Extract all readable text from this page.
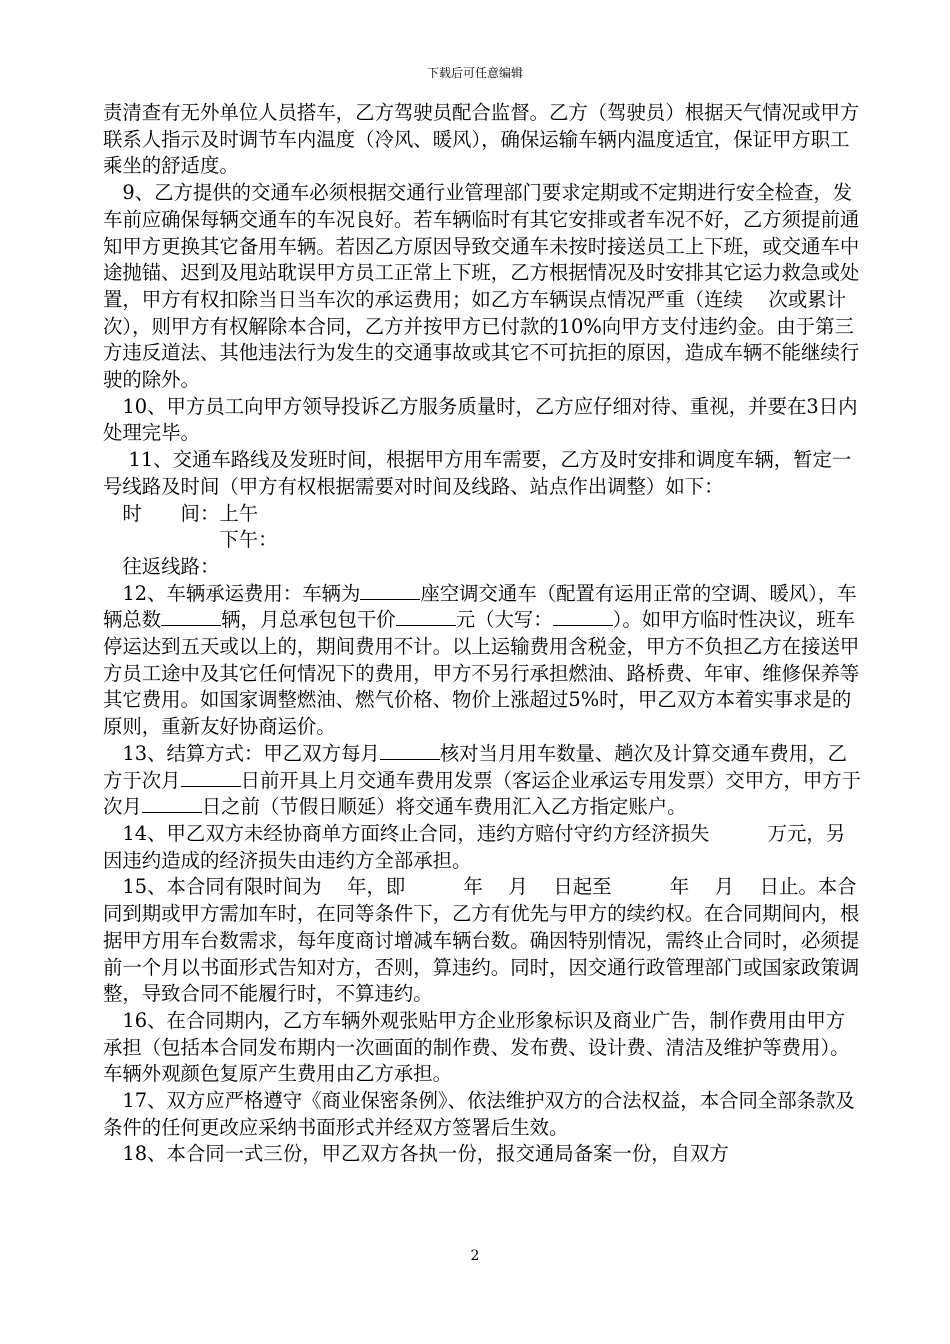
下载后可任意编辑

责清查有无外单位人员搭车，乙方驾驶员配合监督。乙方（驾驶员）根据天气情况或甲方联系人指示及时调节车内温度（冷风、暖风），确保运输车辆内温度适宜，保证甲方职工乘坐的舒适度。

　9、乙方提供的交通车必须根据交通行业管理部门要求定期或不定期进行安全检查，发车前应确保每辆交通车的车况良好。若车辆临时有其它安排或者车况不好，乙方须提前通知甲方更换其它备用车辆。若因乙方原因导致交通车未按时接送员工上下班，或交通车中途抛锚、迟到及甩站耽误甲方员工正常上下班，乙方根据情况及时安排其它运力救急或处置，甲方有权扣除当日当车次的承运费用；如乙方车辆误点情况严重（连续　 次或累计　 次），则甲方有权解除本合同，乙方并按甲方已付款的10%向甲方支付违约金。由于第三方违反道法、其他违法行为发生的交通事故或其它不可抗拒的原因，造成车辆不能继续行驶的除外。

　10、甲方员工向甲方领导投诉乙方服务质量时，乙方应仔细对待、重视，并要在3日内处理完毕。

　 11、交通车路线及发班时间，根据甲方用车需要，乙方及时安排和调度车辆，暂定一号线路及时间（甲方有权根据需要对时间及线路、站点作出调整）如下：

　时　　间：上午

　　　　　　下午：

　往返线路：

　12、车辆承运费用：车辆为	座空调交通车（配置有运用正常的空调、暖风），车辆总数	辆，月总承包包干价	元（大写：	）。如甲方临时性决议，班车停运达到五天或以上的，期间费用不计。以上运输费用含税金，甲方不负担乙方在接送甲方员工途中及其它任何情况下的费用，甲方不另行承担燃油、路桥费、年审、维修保养等其它费用。如国家调整燃油、燃气价格、物价上涨超过5%时，甲乙双方本着实事求是的原则，重新友好协商运价。

　13、结算方式：甲乙双方每月	核对当月用车数量、趟次及计算交通车费用，乙方于次月	日前开具上月交通车费用发票（客运企业承运专用发票）交甲方，甲方于次月	日之前（节假日顺延）将交通车费用汇入乙方指定账户。

　14、甲乙双方未经协商单方面终止合同，违约方赔付守约方经济损失　　　万元，另因违约造成的经济损失由违约方全部承担。

　15、本合同有限时间为　 年，即　　　年　 月　 日起至　　　年　 月　 日止。本合同到期或甲方需加车时，在同等条件下，乙方有优先与甲方的续约权。在合同期间内，根据甲方用车台数需求，每年度商讨增减车辆台数。确因特别情况，需终止合同时，必须提前一个月以书面形式告知对方，否则，算违约。同时，因交通行政管理部门或国家政策调整，导致合同不能履行时，不算违约。

　16、在合同期内，乙方车辆外观张贴甲方企业形象标识及商业广告，制作费用由甲方承担（包括本合同发布期内一次画面的制作费、发布费、设计费、清洁及维护等费用）。车辆外观颜色复原产生费用由乙方承担。

　17、双方应严格遵守《商业保密条例》、依法维护双方的合法权益，本合同全部条款及条件的任何更改应采纳书面形式并经双方签署后生效。

　18、本合同一式三份，甲乙双方各执一份，报交通局备案一份，自双方

2
